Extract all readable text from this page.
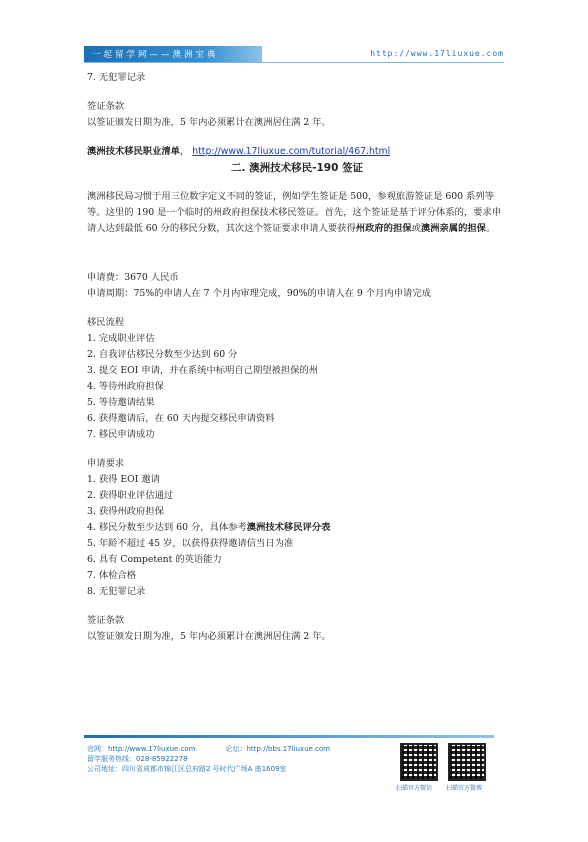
一起留学网——澳洲宝典	http://www.17liuxue.com

7. 无犯罪记录

签证条款

以签证颁发日期为准，5 年内必须累计在澳洲居住满 2 年。

澳洲技术移民职业清单， http://www.17liuxue.com/tutorial/467.html

二. 澳洲技术移民-190 签证

澳洲移民局习惯于用三位数字定义不同的签证，例如学生签证是 500，参观旅游签证是 600 系列等等。这里的 190 是一个临时的州政府担保技术移民签证。首先，这个签证是基于评分体系的，要求申请人达到最低 60 分的移民分数，其次这个签证要求申请人要获得州政府的担保或澳洲亲属的担保。

申请费：3670 人民币

申请周期：75%的申请人在 7 个月内审理完成，90%的申请人在 9 个月内申请完成

移民流程

1. 完成职业评估
2. 自我评估移民分数至少达到 60 分
3. 提交 EOI 申请，并在系统中标明自己期望被担保的州
4. 等待州政府担保
5. 等待邀请结果
6. 获得邀请后，在 60 天内提交移民申请资料
7. 移民申请成功

申请要求

1. 获得 EOI 邀请
2. 获得职业评估通过
3. 获得州政府担保
4. 移民分数至少达到 60 分，具体参考澳洲技术移民评分表
5. 年龄不超过 45 岁，以获得获得邀请信当日为准
6. 具有 Competent 的英语能力
7. 体检合格
8. 无犯罪记录

签证条款

以签证颁发日期为准，5 年内必须累计在澳洲居住满 2 年。

官网：http://www.17liuxue.com	论坛：http://bbs.17liuxue.com
留学服务热线：028-85922278
公司地址：四川省成都市锦江区总府路2 号时代广场A 座1609室
扫描官方微信 扫描官方微博
